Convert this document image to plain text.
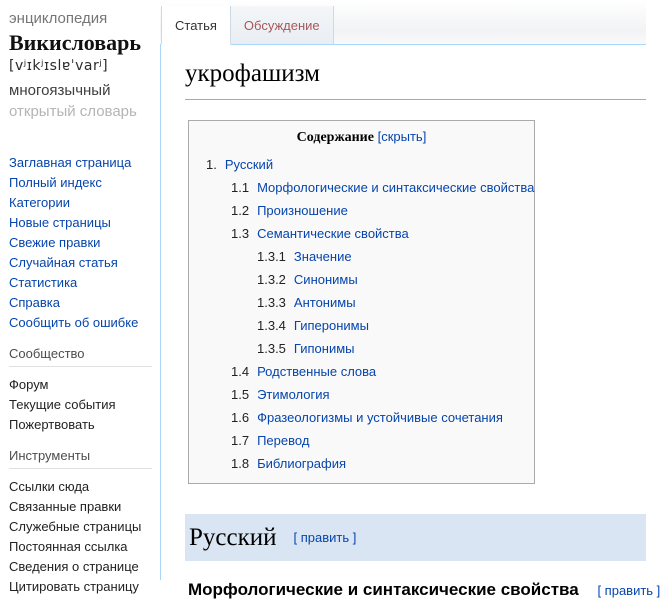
энциклопедия
Викисловарь
[vʲɪkʲɪslɐˈvarʲ]
многоязычный
открытый словарь
Заглавная страница
Полный индекс
Категории
Новые страницы
Свежие правки
Случайная статья
Статистика
Справка
Сообщить об ошибке
Сообщество
Форум
Текущие события
Пожертвовать
Инструменты
Ссылки сюда
Связанные правки
Служебные страницы
Постоянная ссылка
Сведения о странице
Цитировать страницу
Статья Обсуждение
укрофашизм
Содержание [скрыть]
1. Русский
1.1 Морфологические и синтаксические свойства
1.2 Произношение
1.3 Семантические свойства
1.3.1 Значение
1.3.2 Синонимы
1.3.3 Антонимы
1.3.4 Гиперонимы
1.3.5 Гипонимы
1.4 Родственные слова
1.5 Этимология
1.6 Фразеологизмы и устойчивые сочетания
1.7 Перевод
1.8 Библиография
Русский [ править ]
Морфологические и синтаксические свойства [ править ]
